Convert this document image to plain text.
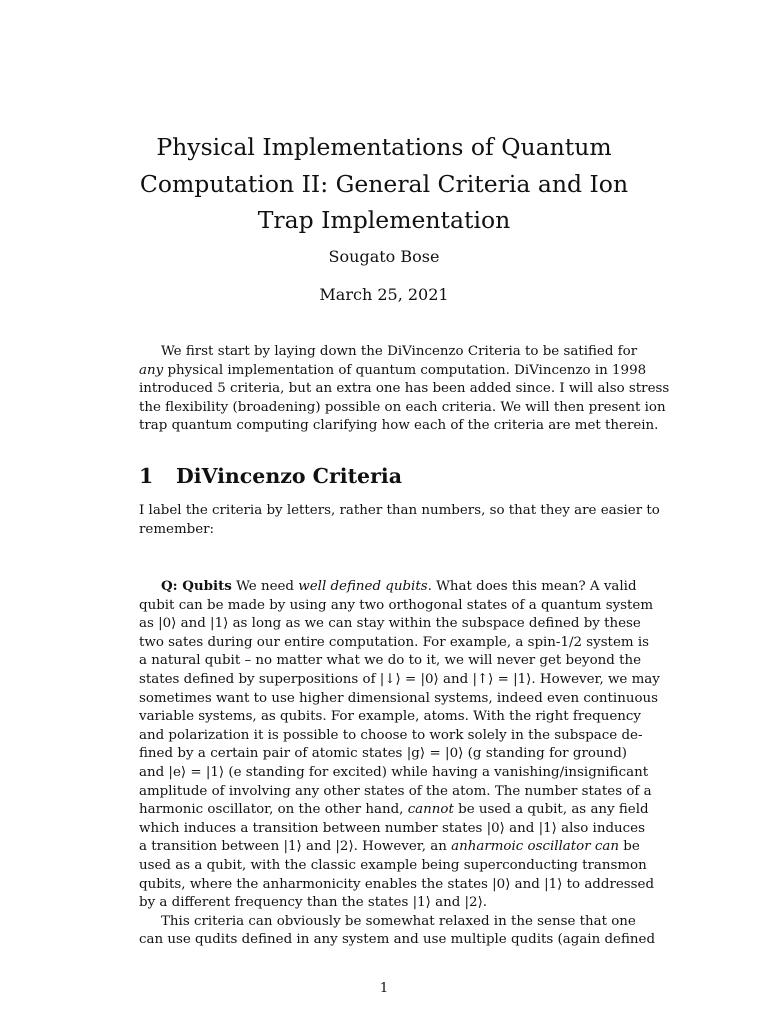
Physical Implementations of Quantum
Computation II: General Criteria and Ion
Trap Implementation
Sougato Bose
March 25, 2021
We first start by laying down the DiVincenzo Criteria to be satified for
any physical implementation of quantum computation. DiVincenzo in 1998
introduced 5 criteria, but an extra one has been added since. I will also stress
the flexibility (broadening) possible on each criteria. We will then present ion
trap quantum computing clarifying how each of the criteria are met therein.
1 DiVincenzo Criteria
I label the criteria by letters, rather than numbers, so that they are easier to
remember:
Q: Qubits We need well defined qubits. What does this mean? A valid
qubit can be made by using any two orthogonal states of a quantum system
as |0⟩ and |1⟩ as long as we can stay within the subspace defined by these
two sates during our entire computation. For example, a spin-1/2 system is
a natural qubit – no matter what we do to it, we will never get beyond the
states defined by superpositions of |↓⟩ = |0⟩ and |↑⟩ = |1⟩. However, we may
sometimes want to use higher dimensional systems, indeed even continuous
variable systems, as qubits. For example, atoms. With the right frequency
and polarization it is possible to choose to work solely in the subspace de-
fined by a certain pair of atomic states |g⟩ = |0⟩ (g standing for ground)
and |e⟩ = |1⟩ (e standing for excited) while having a vanishing/insignificant
amplitude of involving any other states of the atom. The number states of a
harmonic oscillator, on the other hand, cannot be used a qubit, as any field
which induces a transition between number states |0⟩ and |1⟩ also induces
a transition between |1⟩ and |2⟩. However, an anharmoic oscillator can be
used as a qubit, with the classic example being superconducting transmon
qubits, where the anharmonicity enables the states |0⟩ and |1⟩ to addressed
by a different frequency than the states |1⟩ and |2⟩.
This criteria can obviously be somewhat relaxed in the sense that one
can use qudits defined in any system and use multiple qudits (again defined
1
